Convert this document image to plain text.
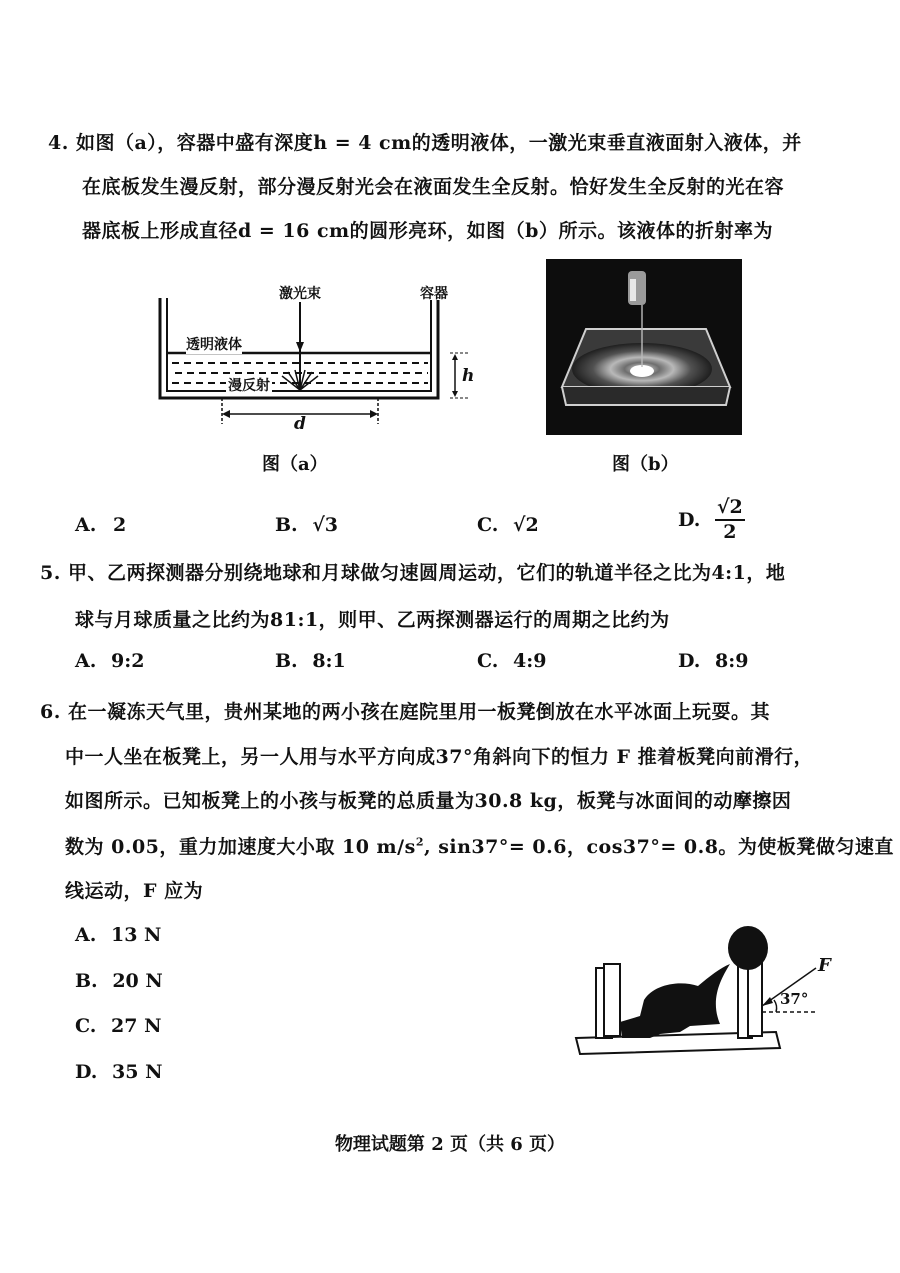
4. 如图（a），容器中盛有深度h = 4 cm的透明液体，一激光束垂直液面射入液体，并
在底板发生漫反射，部分漫反射光会在液面发生全反射。恰好发生全反射的光在容
器底板上形成直径d = 16 cm的圆形亮环，如图（b）所示。该液体的折射率为
激光束	容器
透明液体
漫反射	h
d
图（a）	图（b）
A. 2	B. √3	C. √2	D. $\frac{√2}{2}$
5. 甲、乙两探测器分别绕地球和月球做匀速圆周运动，它们的轨道半径之比为4:1，地
球与月球质量之比约为81:1，则甲、乙两探测器运行的周期之比约为
A. 9:2	B. 8:1	C. 4:9	D. 8:9
6. 在一凝冻天气里，贵州某地的两小孩在庭院里用一板凳倒放在水平冰面上玩耍。其
中一人坐在板凳上，另一人用与水平方向成37°角斜向下的恒力 F 推着板凳向前滑行，
如图所示。已知板凳上的小孩与板凳的总质量为30.8 kg，板凳与冰面间的动摩擦因
数为 0.05，重力加速度大小取 10 $m/s^2$, sin37°= 0.6，cos37°= 0.8。为使板凳做匀速直
线运动，F 应为
A. 13 N
B. 20 N
C. 27 N
D. 35 N
F
37°
物理试题第 2 页（共 6 页）
